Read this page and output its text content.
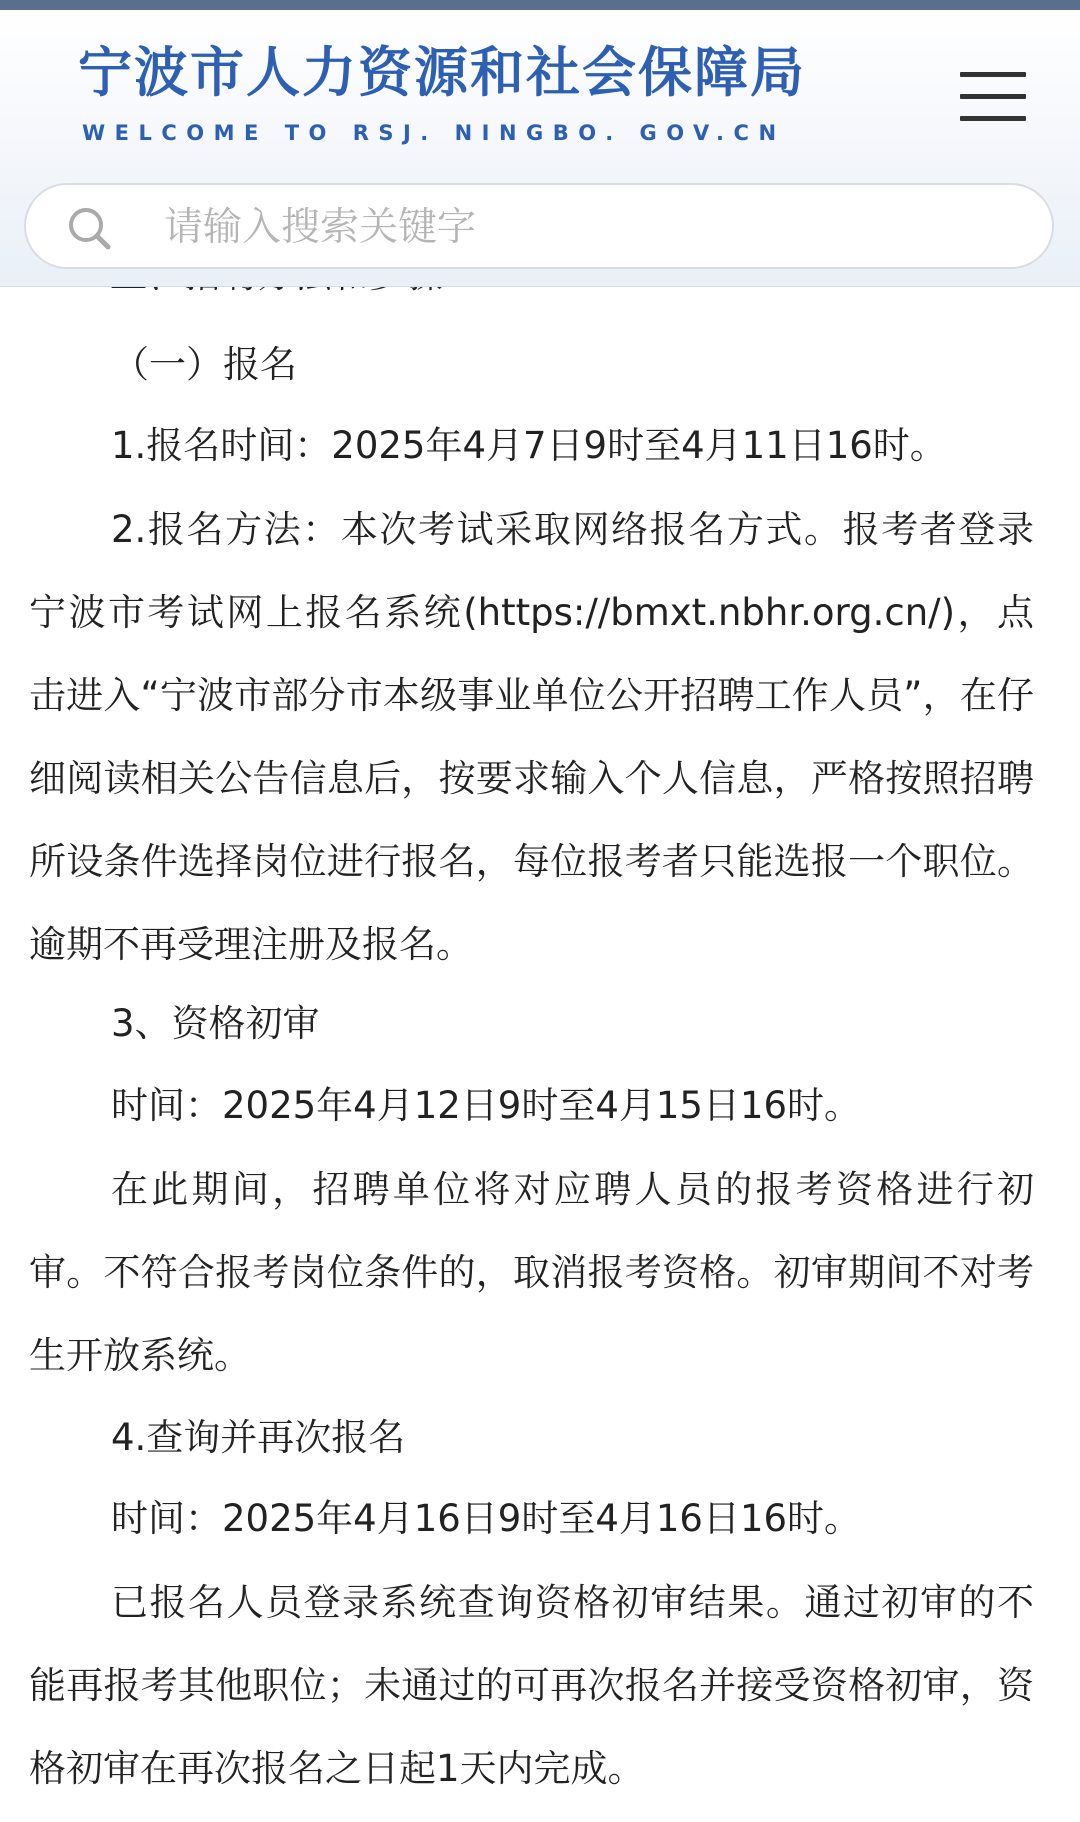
（一）报名
1.报名时间：2025年4月7日9时至4月11日16时。
2.报名方法：本次考试采取网络报名方式。报考者登录宁波市考试网上报名系统(https://bmxt.nbhr.org.cn/)，点击进入“宁波市部分市本级事业单位公开招聘工作人员”，在仔细阅读相关公告信息后，按要求输入个人信息，严格按照招聘所设条件选择岗位进行报名，每位报考者只能选报一个职位。逾期不再受理注册及报名。
3、资格初审
时间：2025年4月12日9时至4月15日16时。
在此期间，招聘单位将对应聘人员的报考资格进行初审。不符合报考岗位条件的，取消报考资格。初审期间不对考生开放系统。
4.查询并再次报名
时间：2025年4月16日9时至4月16日16时。
已报名人员登录系统查询资格初审结果。通过初审的不能再报考其他职位；未通过的可再次报名并接受资格初审，资格初审在再次报名之日起1天内完成。
宁波市人力资源和社会保障局
WELCOME TO RSJ. NINGBO. GOV.CN
请输入搜索关键字
